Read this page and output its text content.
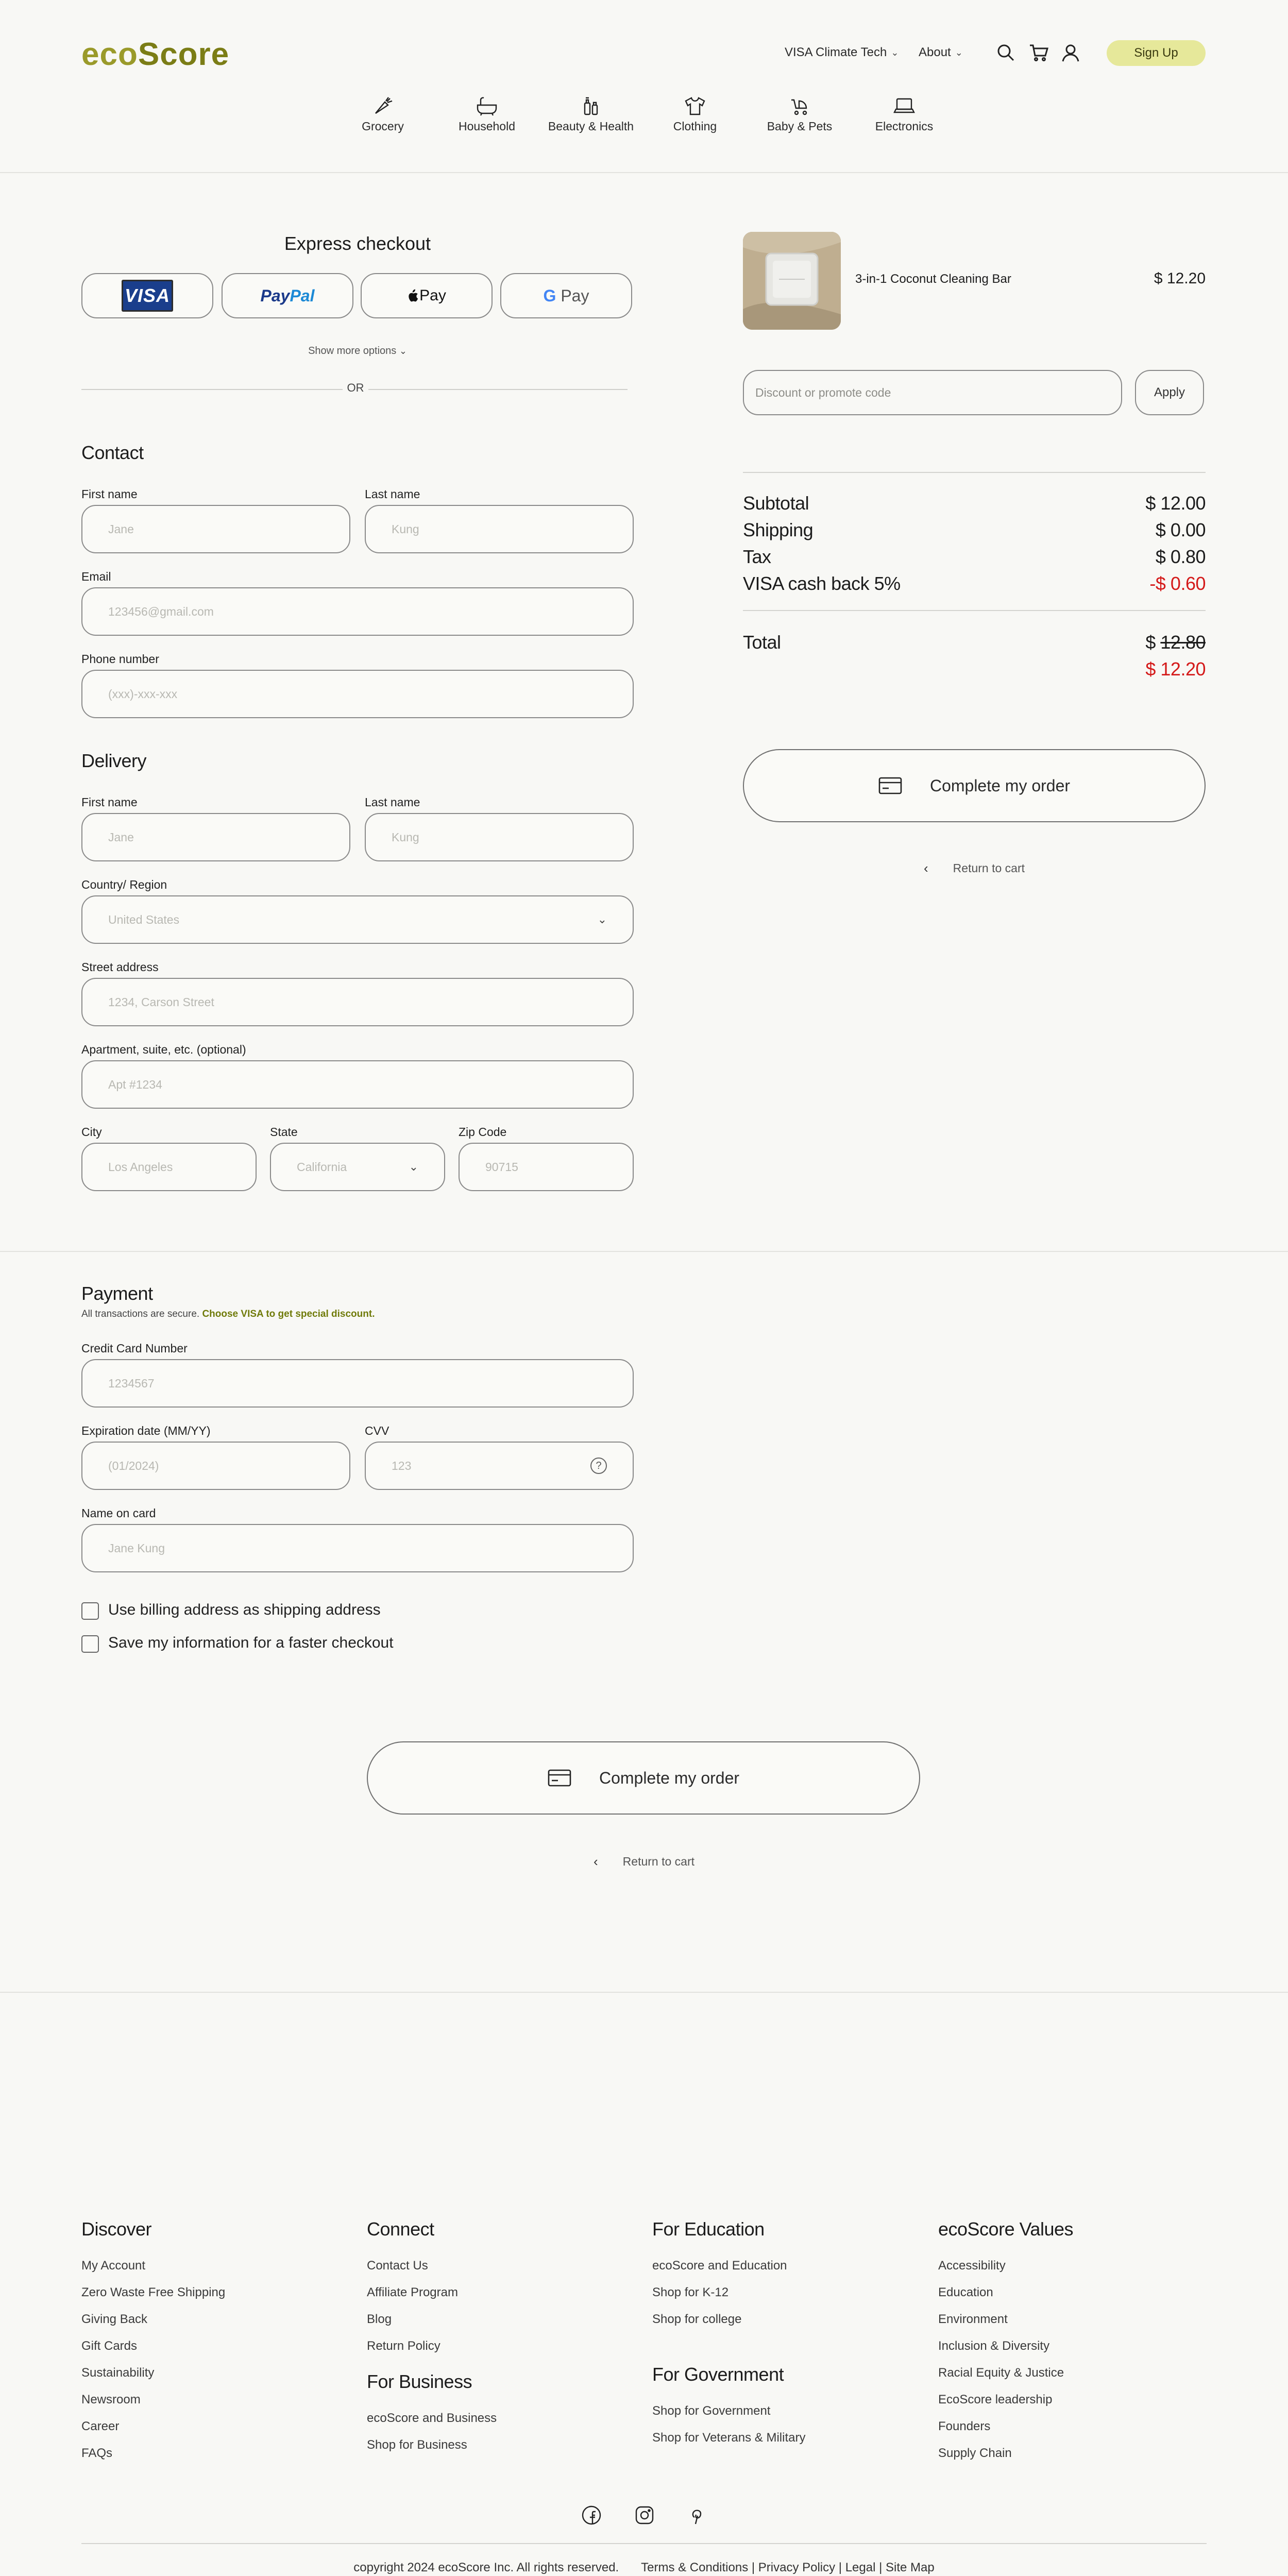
ecoScore	VISA Climate Tech ⌄ About ⌄	Sign Up
Grocery	Household	Beauty & Health	Clothing	Baby & Pets	Electronics
Express checkout
VISA	PayPal	Pay	G Pay
Show more options ⌄
OR
Contact
First name
Jane
Last name
Kung
Email
123456@gmail.com
Phone number
(xxx)-xxx-xxx
Delivery
First name
Jane
Last name
Kung
Country/ Region
United States	⌄
Street address
1234, Carson Street
Apartment, suite, etc. (optional)
Apt #1234
City
Los Angeles
State
California	⌄
Zip Code
90715
Payment
All transactions are secure. Choose VISA to get special discount.
Credit Card Number
1234567
Expiration date (MM/YY)
(01/2024)
CVV
123	?
Name on card
Jane Kung
Use billing address as shipping address
Save my information for a faster checkout
Complete my order
‹ Return to cart
3-in-1 Coconut Cleaning Bar	$ 12.20
Discount or promote code	Apply
Subtotal	$ 12.00
Shipping	$ 0.00
Tax	$ 0.80
VISA cash back 5%	-$ 0.60
Total	$ 12.80
$ 12.20
Complete my order
‹ Return to cart
Discover
My Account
Zero Waste Free Shipping
Giving Back
Gift Cards
Sustainability
Newsroom
Career
FAQs
Connect
Contact Us
Affiliate Program
Blog
Return Policy
For Business
ecoScore and Business
Shop for Business
For Education
ecoScore and Education
Shop for K-12
Shop for college
For Government
Shop for Government
Shop for Veterans & Military
ecoScore Values
Accessibility
Education
Environment
Inclusion & Diversity
Racial Equity & Justice
EcoScore leadership
Founders
Supply Chain
copyright 2024 ecoScore Inc. All rights reserved. Terms & Conditions | Privacy Policy | Legal | Site Map
